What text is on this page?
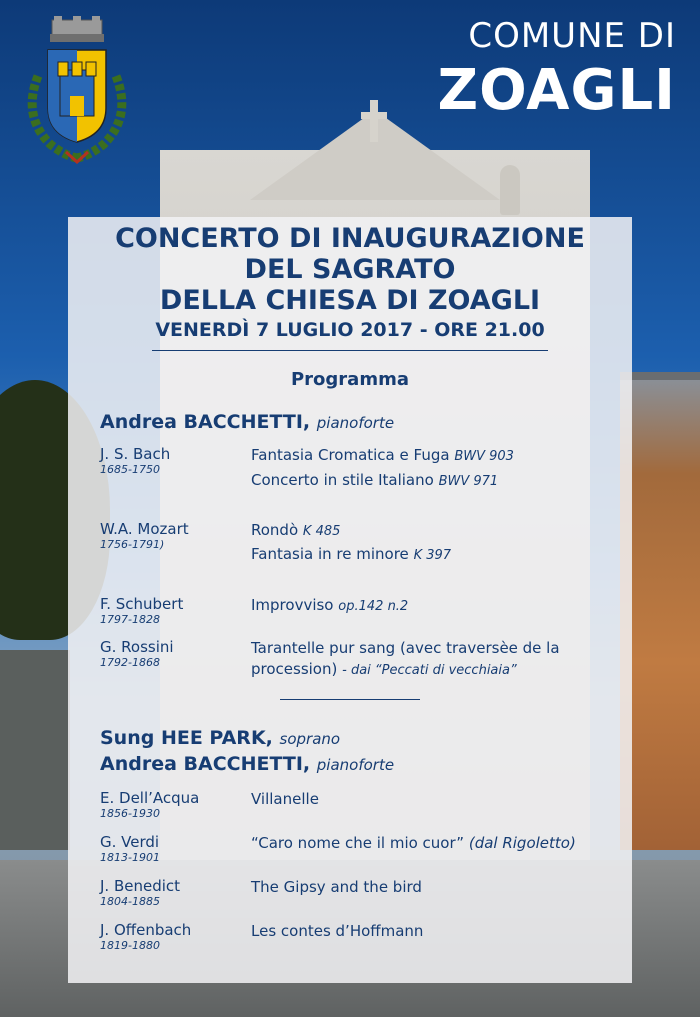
COMUNE DI
ZOAGLI
CONCERTO DI INAUGURAZIONE
DEL SAGRATO
DELLA CHIESA DI ZOAGLI
VENERDÌ 7 LUGLIO 2017 - ORE 21.00
Programma
Andrea BACCHETTI, pianoforte
J. S. Bach
1685-1750
Fantasia Cromatica e Fuga BWV 903
Concerto in stile Italiano BWV 971
W.A. Mozart
1756-1791)
Rondò K 485
Fantasia in re minore K 397
F. Schubert
1797-1828
Improvviso op.142 n.2
G. Rossini
1792-1868
Tarantelle pur sang (avec traversèe de la procession) - dai “Peccati di vecchiaia”
Sung HEE PARK, soprano
Andrea BACCHETTI, pianoforte
E. Dell’Acqua
1856-1930
Villanelle
G. Verdi
1813-1901
“Caro nome che il mio cuor” (dal Rigoletto)
J. Benedict
1804-1885
The Gipsy and the bird
J. Offenbach
1819-1880
Les contes d’Hoffmann
